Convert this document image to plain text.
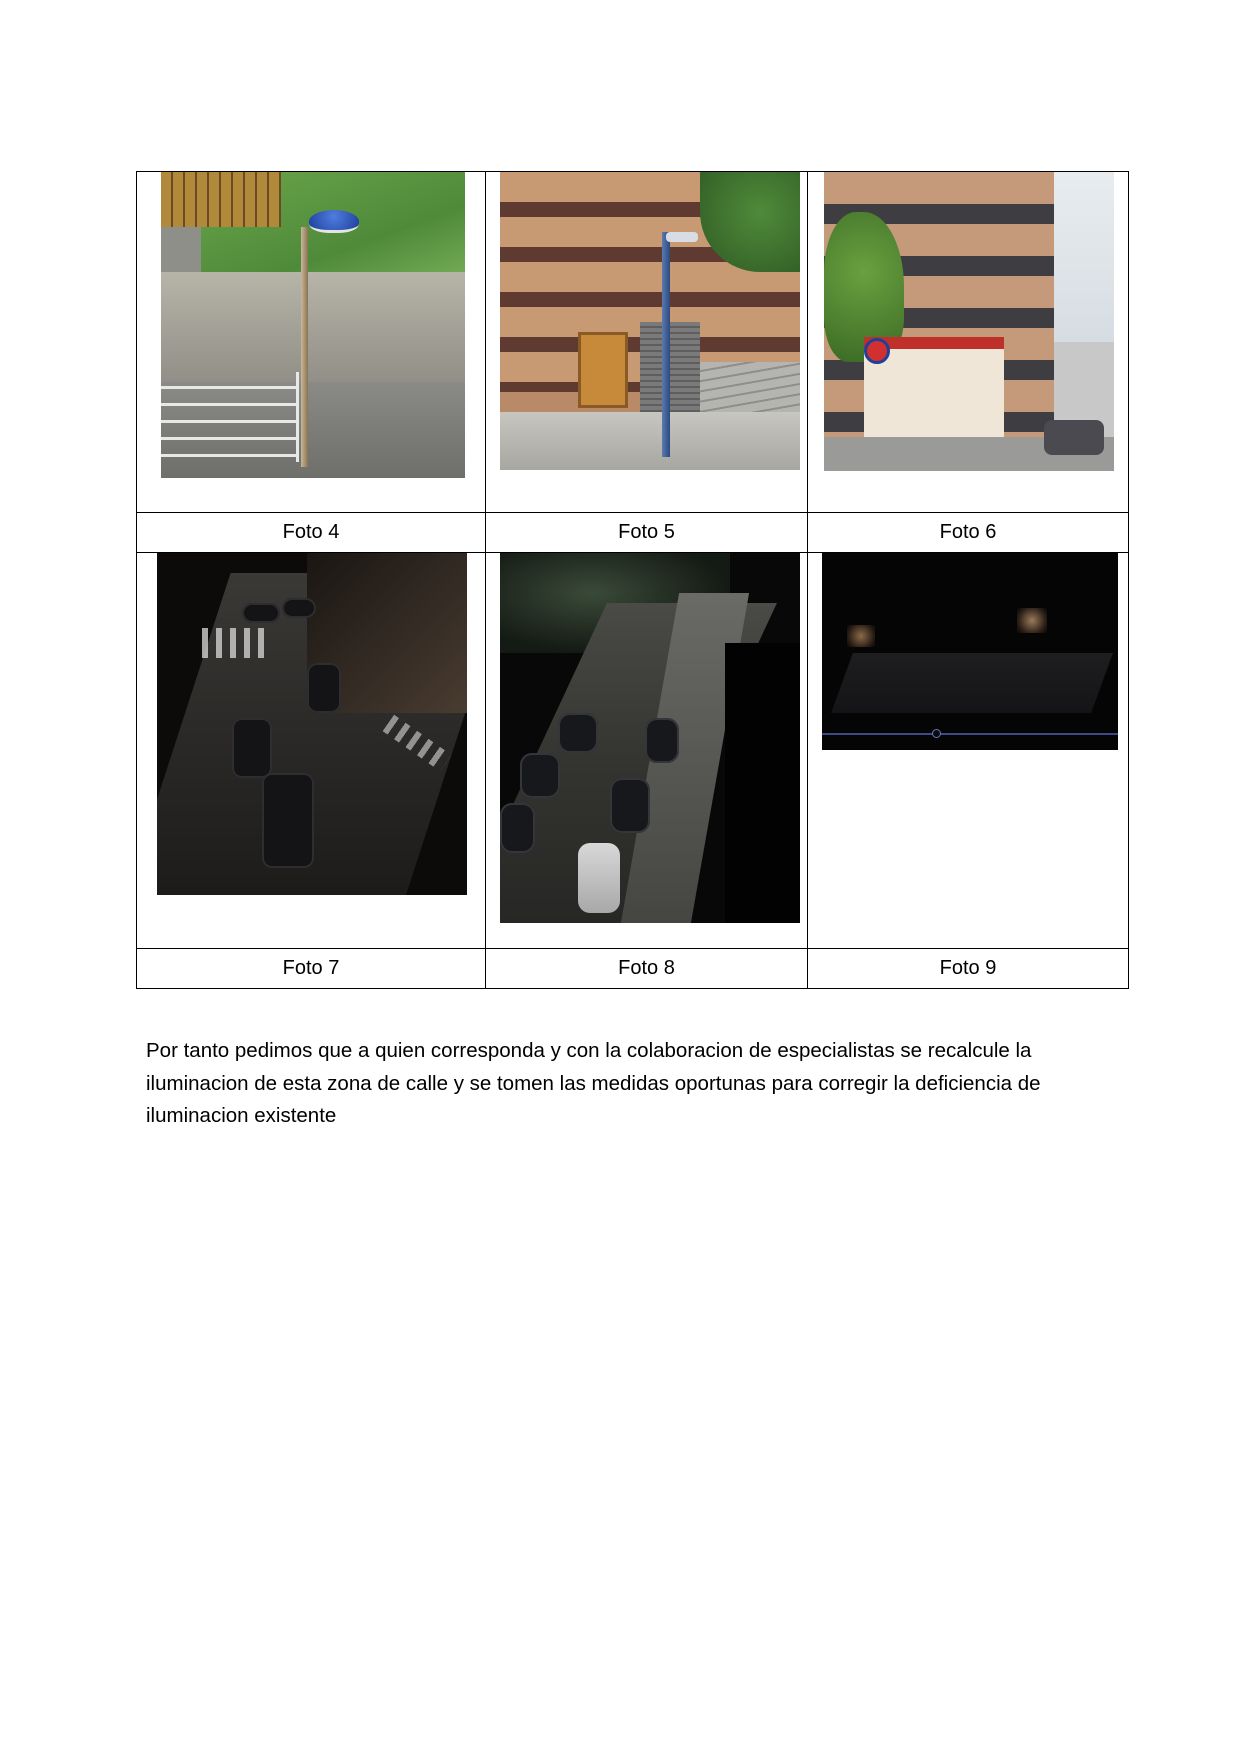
Foto 4	Foto 5	Foto 6

Foto 7	Foto 8	Foto 9

Por tanto pedimos que a quien corresponda y con la colaboracion de especialistas se recalcule la
iluminacion de esta zona de calle y se tomen las medidas oportunas para corregir la deficiencia de
iluminacion existente
